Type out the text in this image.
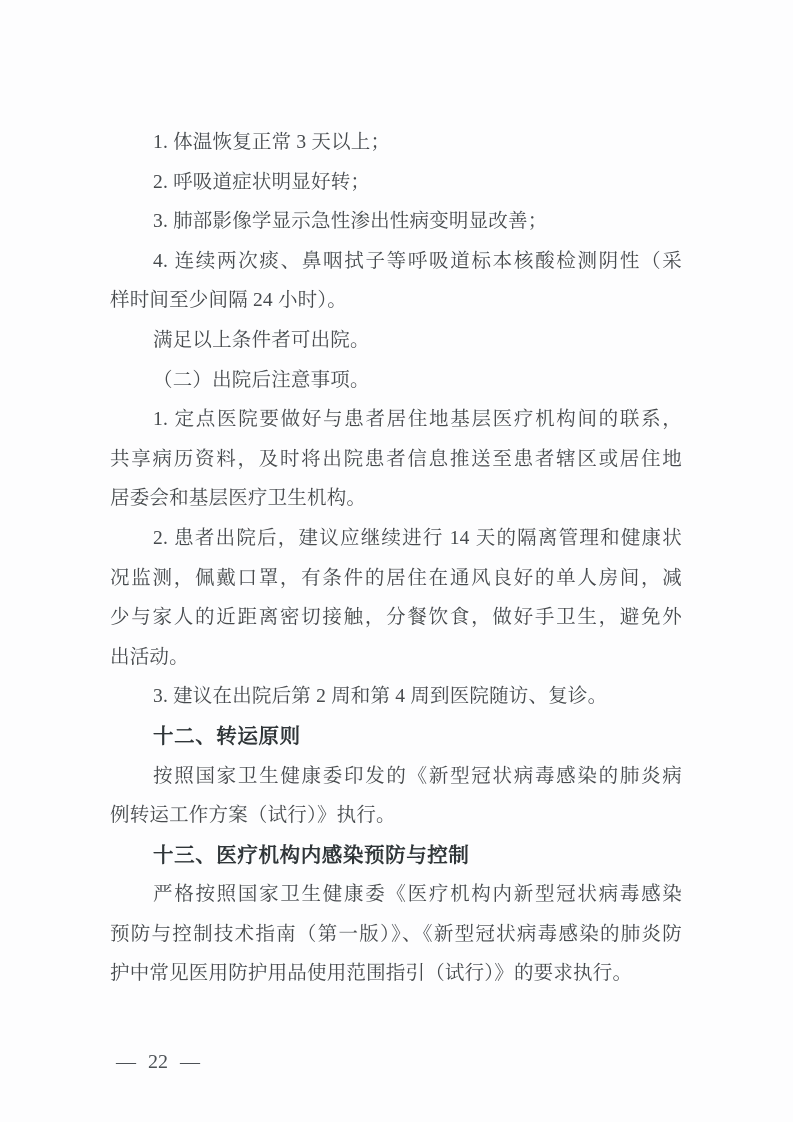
1. 体温恢复正常 3 天以上；
2. 呼吸道症状明显好转；
3. 肺部影像学显示急性渗出性病变明显改善；
4. 连续两次痰、鼻咽拭子等呼吸道标本核酸检测阴性（采
样时间至少间隔 24 小时）。
满足以上条件者可出院。
（二）出院后注意事项。
1. 定点医院要做好与患者居住地基层医疗机构间的联系，
共享病历资料，及时将出院患者信息推送至患者辖区或居住地
居委会和基层医疗卫生机构。
2. 患者出院后，建议应继续进行 14 天的隔离管理和健康状
况监测，佩戴口罩，有条件的居住在通风良好的单人房间，减
少与家人的近距离密切接触，分餐饮食，做好手卫生，避免外
出活动。
3. 建议在出院后第 2 周和第 4 周到医院随访、复诊。
十二、转运原则
按照国家卫生健康委印发的《新型冠状病毒感染的肺炎病
例转运工作方案（试行）》执行。
十三、医疗机构内感染预防与控制
严格按照国家卫生健康委《医疗机构内新型冠状病毒感染
预防与控制技术指南（第一版）》、《新型冠状病毒感染的肺炎防
护中常见医用防护用品使用范围指引（试行）》的要求执行。
— 22 —
